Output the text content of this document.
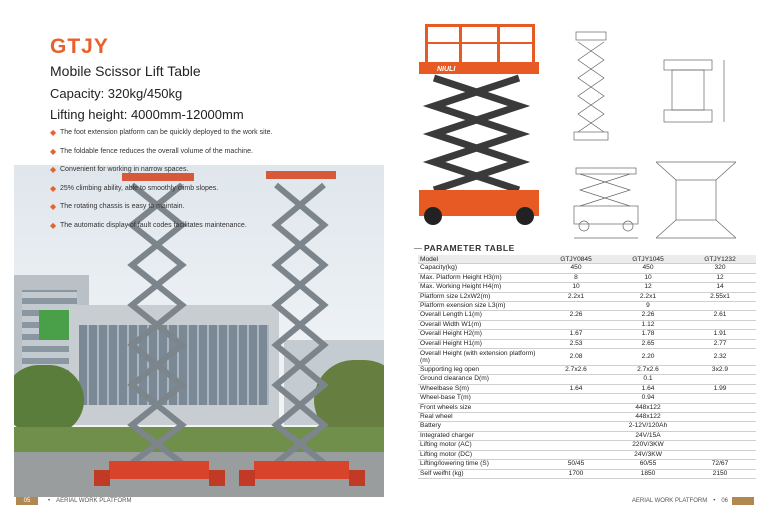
GTJY
Mobile Scissor Lift Table
Capacity: 320kg/450kg
Lifting height: 4000mm-12000mm
◆ The foot extension platform can be quickly deployed to the work site.
◆ The foldable fence reduces the overall volume of the machine.
◆ Convenient for working in narrow spaces.
◆ 25% climbing ability, able to smoothly climb slopes.
◆ The rotating chassis is easy to maintain.
◆ The automatic display of fault codes facilitates maintenance.
05	• AERIAL WORK PLATFORM
NIULI
PARAMETER TABLE
Model	GTJY0845	GTJY1045	GTJY1232
Capacity(kg)	450	450	320
Max. Platform Height H3(m)	8	10	12
Max. Working Height H4(m)	10	12	14
Platform size L2xW2(m)	2.2x1	2.2x1	2.55x1
Platform exension size L3(m)	9		
Overall Length L1(m)	2.26	2.26	2.61
Overall Width W1(m)	1.12		
Overall Height H2(m)	1.67	1.78	1.91
Overall Height H1(m)	2.53	2.65	2.77
Overall Height (with extension platform)(m)	2.08	2.20	2.32
Supporting leg open	2.7x2.6	2.7x2.6	3x2.9
Ground clearance D(m)	0.1		
Wheelbase S(m)	1.64	1.64	1.99
Wheel-base T(m)	0.94		
Front wheels size	448x122		
Real wheel	448x122		
Battery	2-12V/120Ah		
Integrated charger	24V/15A		
Lifting motor (AC)	220V/3KW		
Lifting motor (DC)	24V/3KW		
Lifting/lowering time (S)	50/45	60/55	72/67
Self weifht (kg)	1700	1850	2150
AERIAL WORK PLATFORM • 06
